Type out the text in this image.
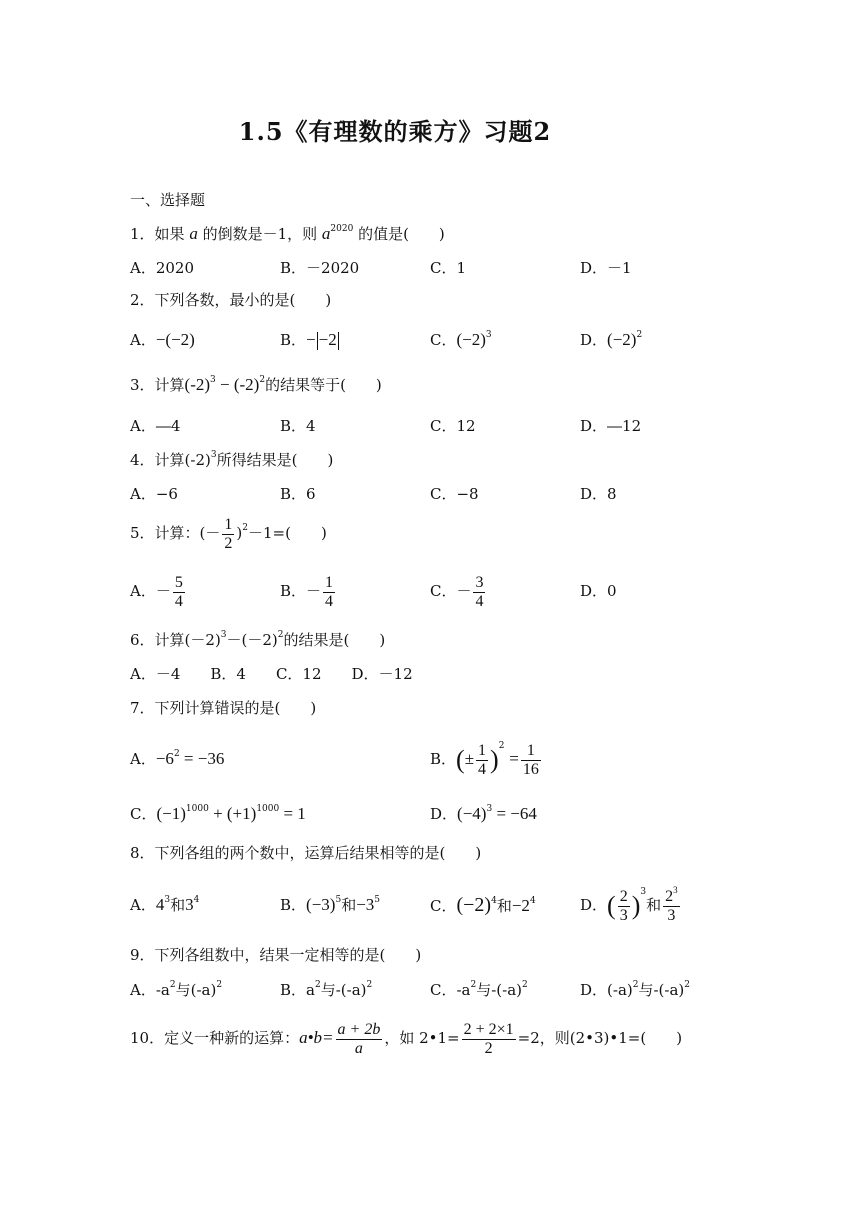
1.5《有理数的乘方》习题2
一、选择题
1．如果 a 的倒数是－1，则 $a^{2020}$ 的值是(　　)
A．2020	B．－2020	C．1	D．－1
2．下列各数，最小的是(　　)
A．−(−2)	B．− −2	C．$(-2)^3$	D．$(-2)^2$
3．计算$(-2)^3 - (-2)^2$的结果等于(　　)
A．―4	B．4	C．12	D．―12
4．计算$(-2)^3$所得结果是(　　)
A．−6	B．6	C．−8	D．8
5．计算：(－ $\frac{1}{2} )^2-1=$(　　)
A．－ $\frac{5}{4}$	B．－ $\frac{1}{4}$	C．－ $\frac{3}{4}$	D．0
6．计算$(-2)^3-(-2)^2$的结果是(　　)
A．－4　　B．4　　C．12　　D．－12
7．下列计算错误的是(　　)
A．$-6^2 = -36$	B．(± $\frac{1}{4} )^2 = \frac{1}{16}$
C．$(-1)^{1000} + (+1)^{1000} = 1$	D．$(-4)^3 = -64$
8．下列各组的两个数中，运算后结果相等的是(　　)
A．$4^3$和$3^4$	B．$(-3)^5$和$-3^5$	C．$(-2)^4$和$-2^4$	D．( $\frac{2}{3} )^3$和 $\frac{2^3}{3}$
9．下列各组数中，结果一定相等的是(　　)
A．$-a^2$与$(-a)^2$	B．$a^2$与$-(-a)^2$	C．$-a^2$与$-(-a)^2$	D．$(-a)^2$与$-(-a)^2$
10．定义一种新的运算：a•b= $\frac{a + 2b}{a}$ ，如 2•1= $\frac{2 + 2\times 1}{2} =2$，则(2•3)•1=(　　)
